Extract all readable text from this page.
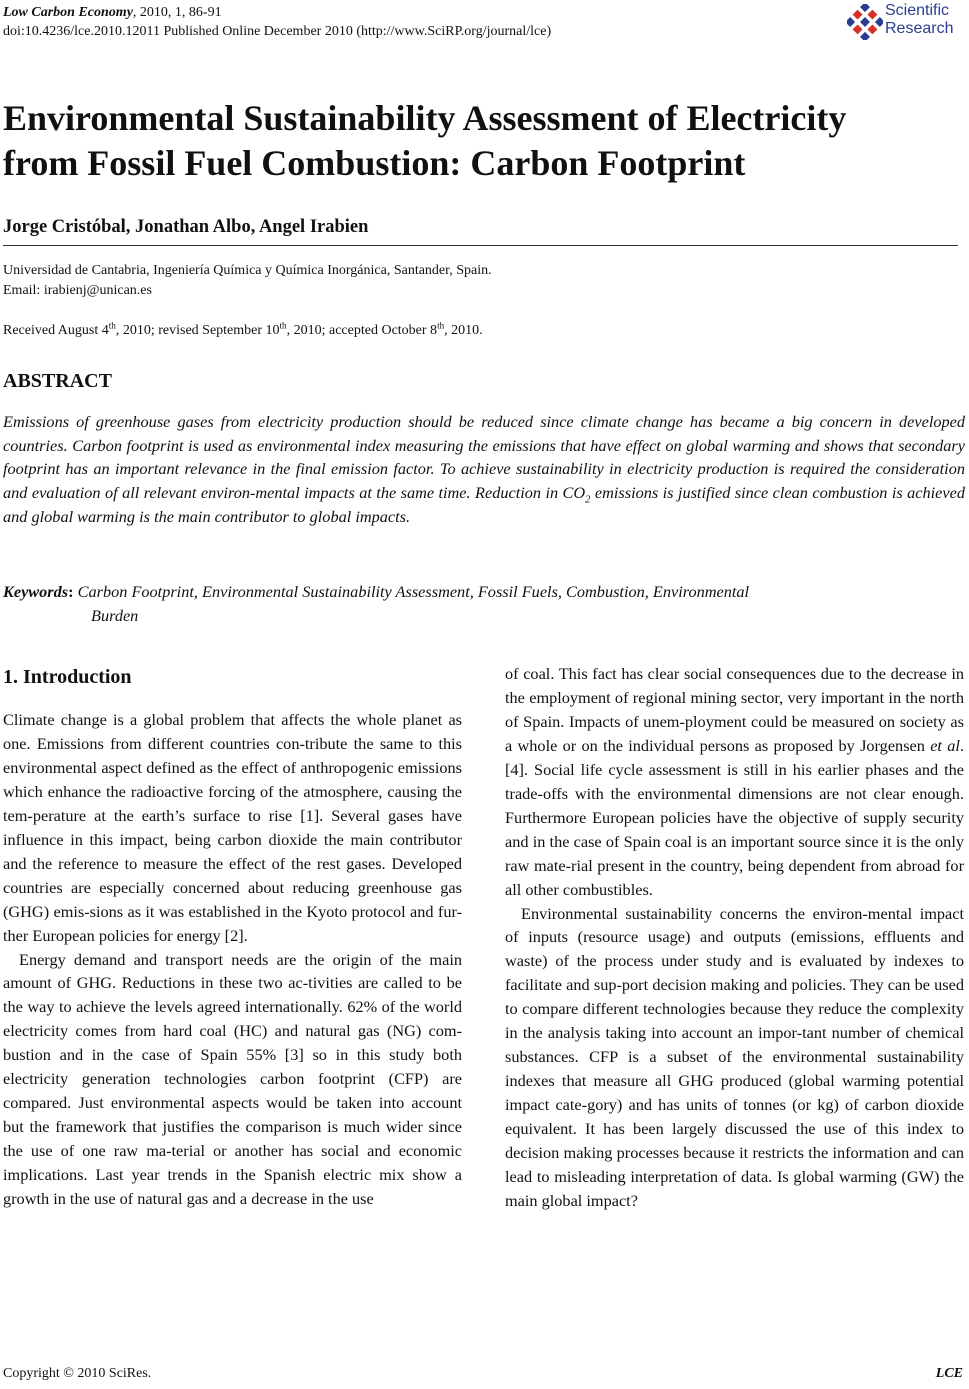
Low Carbon Economy, 2010, 1, 86-91
doi:10.4236/lce.2010.12011 Published Online December 2010 (http://www.SciRP.org/journal/lce)
Scientific
Research
Environmental Sustainability Assessment of Electricity
from Fossil Fuel Combustion: Carbon Footprint
Jorge Cristóbal, Jonathan Albo, Angel Irabien
Universidad de Cantabria, Ingeniería Química y Química Inorgánica, Santander, Spain.
Email: irabienj@unican.es
Received August 4th, 2010; revised September 10th, 2010; accepted October 8th, 2010.
ABSTRACT

Emissions of greenhouse gases from electricity production should be reduced since climate change has became a big concern in developed countries. Carbon footprint is used as environmental index measuring the emissions that have effect on global warming and shows that secondary footprint has an important relevance in the final emission factor. To achieve sustainability in electricity production is required the consideration and evaluation of all relevant environ-mental impacts at the same time. Reduction in $CO_2$ emissions is justified since clean combustion is achieved and global warming is the main contributor to global impacts.

Keywords: Carbon Footprint, Environmental Sustainability Assessment, Fossil Fuels, Combustion, Environmental
Burden
1. Introduction

Climate change is a global problem that affects the whole planet as one. Emissions from different countries con-tribute the same to this environmental aspect defined as the effect of anthropogenic emissions which enhance the radioactive forcing of the atmosphere, causing the tem-perature at the earth’s surface to rise [1]. Several gases have influence in this impact, being carbon dioxide the main contributor and the reference to measure the effect of the rest gases. Developed countries are especially concerned about reducing greenhouse gas (GHG) emis-sions as it was established in the Kyoto protocol and fur-ther European policies for energy [2].

Energy demand and transport needs are the origin of the main amount of GHG. Reductions in these two ac-tivities are called to be the way to achieve the levels agreed internationally. 62% of the world electricity comes from hard coal (HC) and natural gas (NG) com-bustion and in the case of Spain 55% [3] so in this study both electricity generation technologies carbon footprint (CFP) are compared. Just environmental aspects would be taken into account but the framework that justifies the comparison is much wider since the use of one raw ma-terial or another has social and economic implications. Last year trends in the Spanish electric mix show a growth in the use of natural gas and a decrease in the use

of coal. This fact has clear social consequences due to the decrease in the employment of regional mining sector, very important in the north of Spain. Impacts of unem-ployment could be measured on society as a whole or on the individual persons as proposed by Jorgensen et al. [4]. Social life cycle assessment is still in his earlier phases and the trade-offs with the environmental dimensions are not clear enough. Furthermore European policies have the objective of supply security and in the case of Spain coal is an important source since it is the only raw mate-rial present in the country, being dependent from abroad for all other combustibles.

Environmental sustainability concerns the environ-mental impact of inputs (resource usage) and outputs (emissions, effluents and waste) of the process under study and is evaluated by indexes to facilitate and sup-port decision making and policies. They can be used to compare different technologies because they reduce the complexity in the analysis taking into account an impor-tant number of chemical substances. CFP is a subset of the environmental sustainability indexes that measure all GHG produced (global warming potential impact cate-gory) and has units of tonnes (or kg) of carbon dioxide equivalent. It has been largely discussed the use of this index to decision making processes because it restricts the information and can lead to misleading interpretation of data. Is global warming (GW) the main global impact?

Copyright © 2010 SciRes.	LCE
